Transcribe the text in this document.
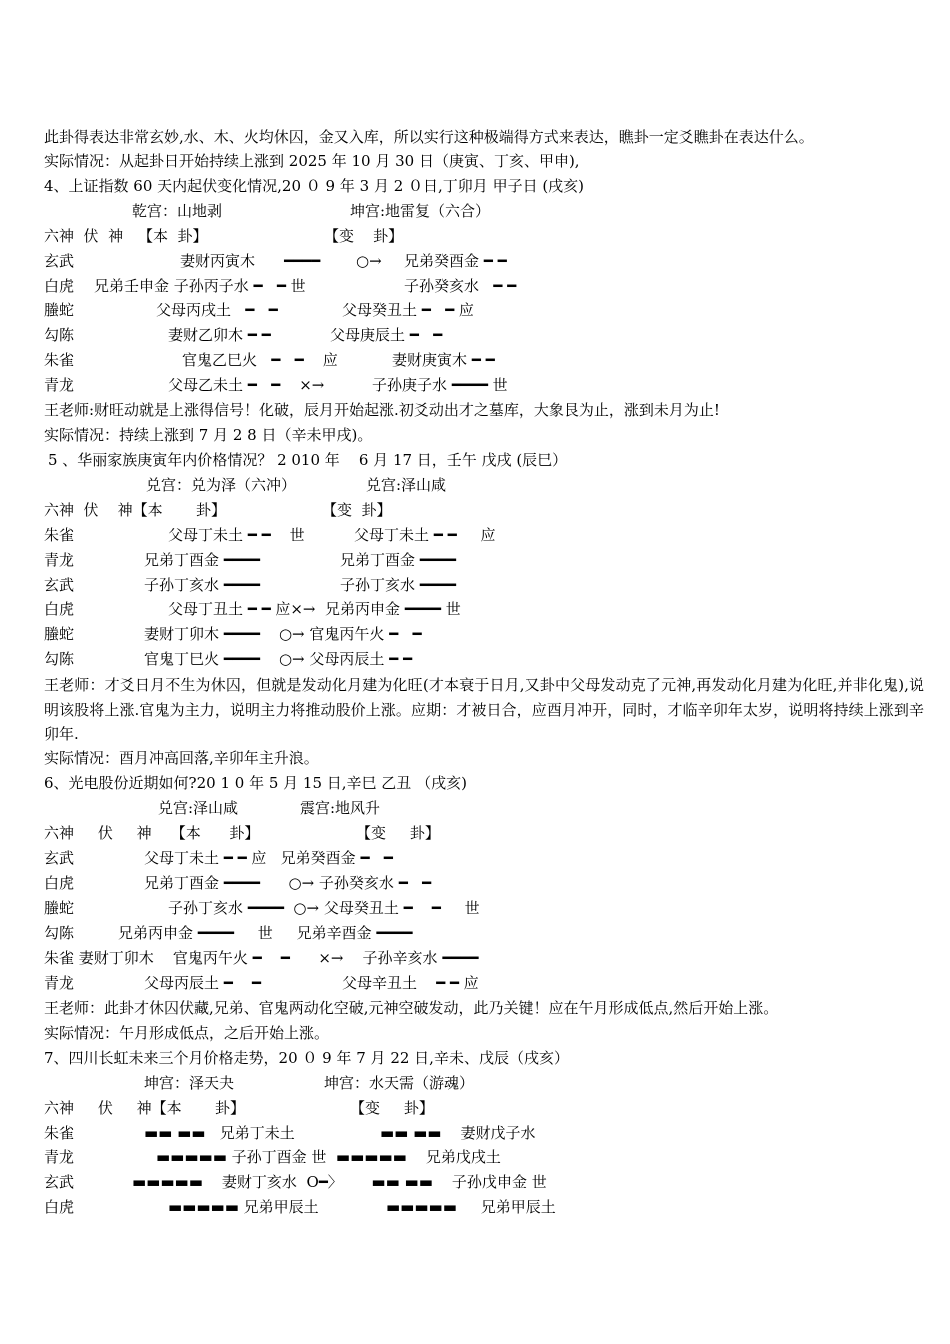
此卦得表达非常玄妙,水、木、火均休囚，金又入库，所以实行这种极端得方式来表达，瞧卦一定爻瞧卦在表达什么。
实际情况：从起卦日开始持续上涨到 2025 年 10 月 30 日（庚寅、丁亥、甲申),
4、上证指数 60 天内起伏变化情况,20 ０ 9 年 3 月 2 ０日,丁卯月 甲子日 (戌亥)
乾宫：山地剥	坤宫:地雷复（六合）
六神  伏  神 【本  卦】	【变    卦】
玄武	妻财丙寅木 ━━━━ ○→ 兄弟癸酉金 ━ ━
白虎 兄弟壬申金 子孙丙子水 ━   ━ 世	子孙癸亥水   ━ ━
螣蛇	父母丙戌土   ━   ━	父母癸丑土 ━   ━ 应
勾陈	妻财乙卯木 ━ ━	父母庚辰土 ━   ━
朱雀	官鬼乙巳火   ━   ━    应	妻财庚寅木 ━ ━
青龙	父母乙未土 ━   ━    ×→	子孙庚子水 ━━━━ 世
王老师:财旺动就是上涨得信号！化破，辰月开始起涨.初爻动出才之墓库，大象艮为止，涨到未月为止!
实际情况：持续上涨到 7 月 2 8 日（辛未甲戌)。
5 、华丽家族庚寅年内价格情况？ 2 010 年    6 月 17 日，壬午 戊戌 (辰巳）
兑宫：兑为泽（六冲）	兑宫:泽山咸
六神  伏    神【本       卦】	【变  卦】
朱雀	父母丁未土 ━ ━    世	父母丁未土 ━ ━     应
青龙	兄弟丁酉金 ━━━━	兄弟丁酉金 ━━━━
玄武	子孙丁亥水 ━━━━	子孙丁亥水 ━━━━
白虎	父母丁丑土 ━ ━ 应×→  兄弟丙申金 ━━━━ 世
螣蛇	妻财丁卯木 ━━━━    ○→ 官鬼丙午火 ━   ━
勾陈	官鬼丁巳火 ━━━━    ○→ 父母丙辰土 ━ ━
王老师：才爻日月不生为休囚，但就是发动化月建为化旺(才本衰于日月,又卦中父母发动克了元神,再发动化月建为化旺,并非化鬼),说明该股将上涨.官鬼为主力，说明主力将推动股价上涨。应期：才被日合，应酉月冲开，同时，才临辛卯年太岁，说明将持续上涨到辛卯年.
实际情况：酉月冲高回落,辛卯年主升浪。
6、光电股份近期如何?20 1 0 年 5 月 15 日,辛巳 乙丑 （戌亥)
兑宫:泽山咸	震宫:地风升
六神     伏     神    【本      卦】	【变     卦】
玄武	父母丁未土 ━ ━ 应   兄弟癸酉金 ━   ━
白虎	兄弟丁酉金 ━━━━      ○→ 子孙癸亥水 ━   ━
螣蛇	子孙丁亥水 ━━━━  ○→ 父母癸丑土 ━    ━     世
勾陈	兄弟丙申金 ━━━━     世     兄弟辛酉金 ━━━━
朱雀 妻财丁卯木    官鬼丙午火 ━    ━      ×→    子孙辛亥水 ━━━━
青龙	父母丙辰土 ━    ━	父母辛丑土    ━ ━ 应
王老师：此卦才休囚伏藏,兄弟、官鬼两动化空破,元神空破发动，此乃关键！应在午月形成低点,然后开始上涨。
实际情况：午月形成低点，之后开始上涨。
7、四川长虹未来三个月价格走势，20 ０ 9 年 7 月 22 日,辛未、戊辰（戌亥）
坤宫：泽天夬	坤宫：水天需（游魂）
六神     伏     神【本       卦】	【变     卦】
朱雀	▬▬ ▬▬   兄弟丁未土	▬▬ ▬▬    妻财戊子水
青龙	▬▬▬▬▬ 子孙丁酉金 世  ▬▬▬▬▬    兄弟戊戌土
玄武	▬▬▬▬▬    妻财丁亥水  O━〉      ▬▬ ▬▬    子孙戊申金 世
白虎	▬▬▬▬▬ 兄弟甲辰土	▬▬▬▬▬     兄弟甲辰土
